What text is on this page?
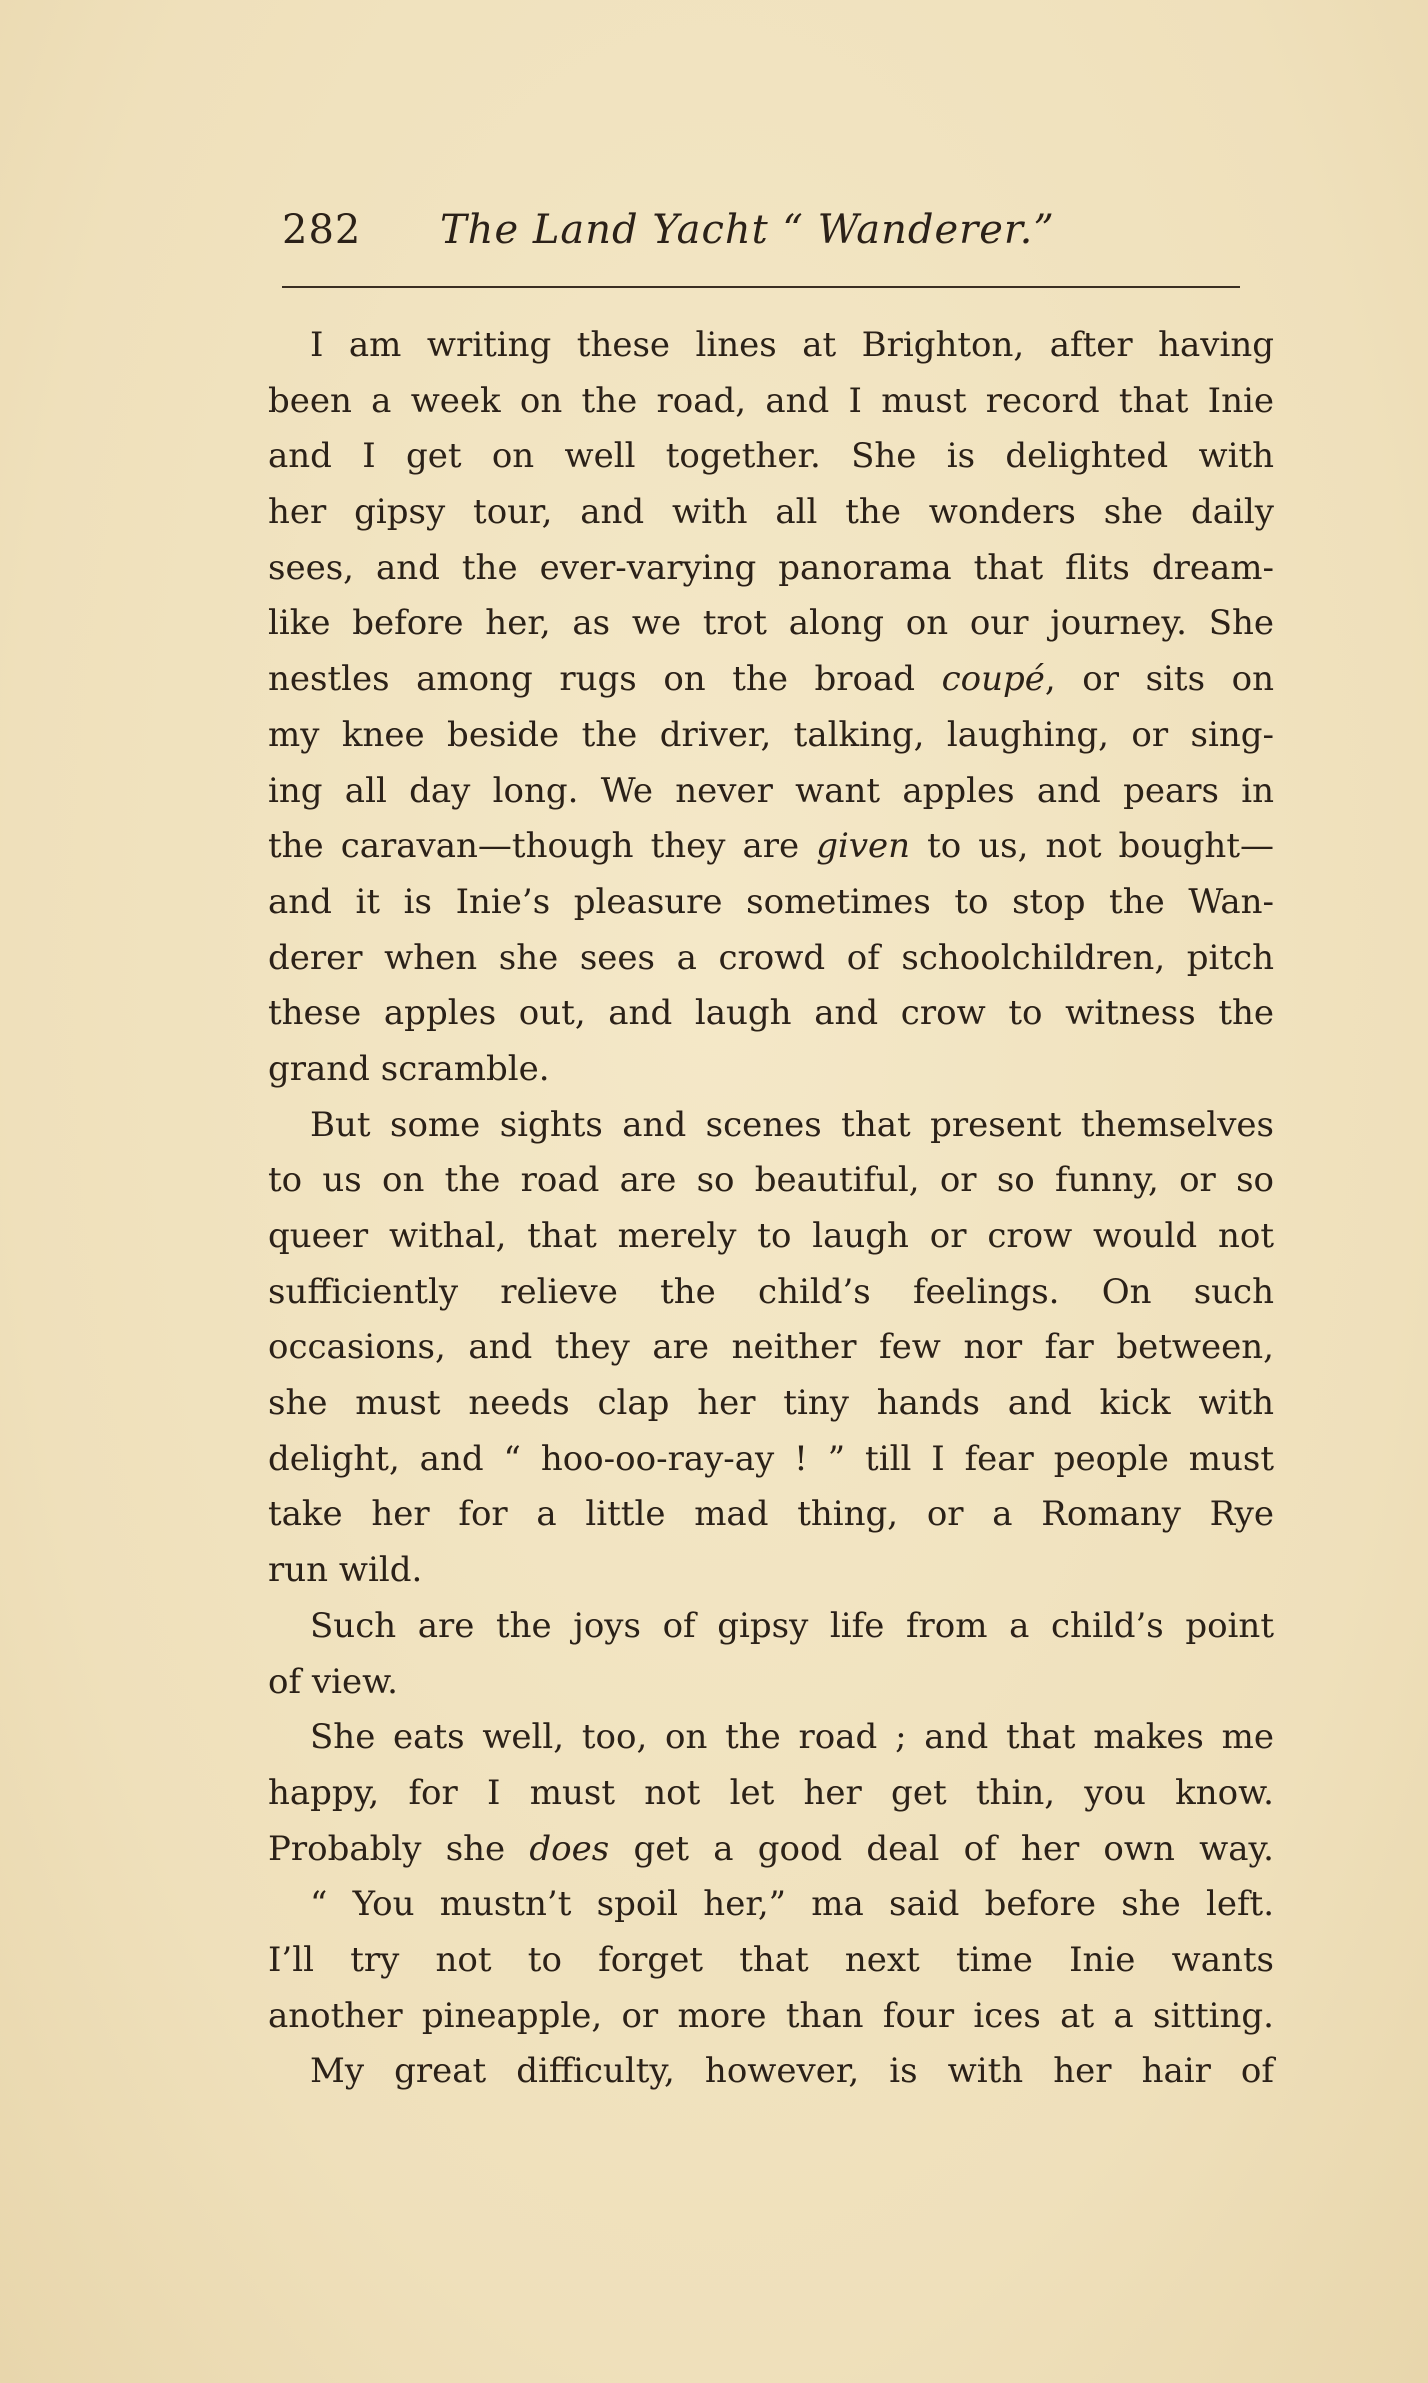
282 The Land Yacht “ Wanderer.”
I am writing these lines at Brighton, after having
been a week on the road, and I must record that Inie
and I get on well together. She is delighted with
her gipsy tour, and with all the wonders she daily
sees, and the ever-varying panorama that flits dream-
like before her, as we trot along on our journey. She
nestles among rugs on the broad coupé, or sits on
my knee beside the driver, talking, laughing, or sing-
ing all day long. We never want apples and pears in
the caravan—though they are given to us, not bought—
and it is Inie’s pleasure sometimes to stop the Wan-
derer when she sees a crowd of schoolchildren, pitch
these apples out, and laugh and crow to witness the
grand scramble.
But some sights and scenes that present themselves
to us on the road are so beautiful, or so funny, or so
queer withal, that merely to laugh or crow would not
sufficiently relieve the child’s feelings. On such
occasions, and they are neither few nor far between,
she must needs clap her tiny hands and kick with
delight, and “ hoo-oo-ray-ay ! ” till I fear people must
take her for a little mad thing, or a Romany Rye
run wild.
Such are the joys of gipsy life from a child’s point
of view.
She eats well, too, on the road ; and that makes me
happy, for I must not let her get thin, you know.
Probably she does get a good deal of her own way.
“ You mustn’t spoil her,” ma said before she left.
I’ll try not to forget that next time Inie wants
another pineapple, or more than four ices at a sitting.
My great difficulty, however, is with her hair of
